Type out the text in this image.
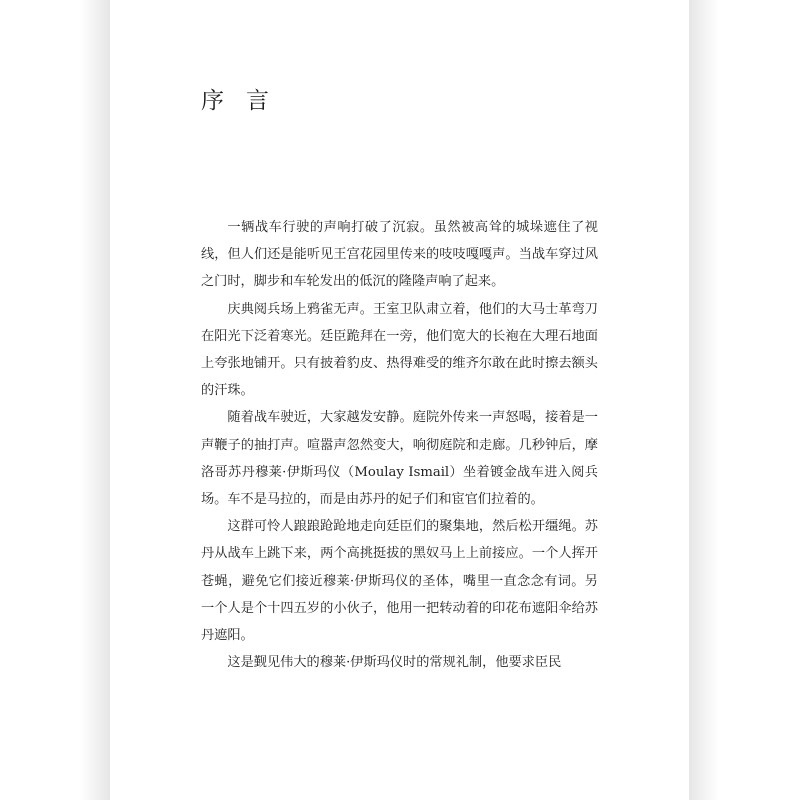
序 言

一辆战车行驶的声响打破了沉寂。虽然被高耸的城垛遮住了视线，但人们还是能听见王宫花园里传来的吱吱嘎嘎声。当战车穿过风之门时，脚步和车轮发出的低沉的隆隆声响了起来。

庆典阅兵场上鸦雀无声。王室卫队肃立着，他们的大马士革弯刀在阳光下泛着寒光。廷臣跪拜在一旁，他们宽大的长袍在大理石地面上夸张地铺开。只有披着豹皮、热得难受的维齐尔敢在此时擦去额头的汗珠。

随着战车驶近，大家越发安静。庭院外传来一声怒喝，接着是一声鞭子的抽打声。喧嚣声忽然变大，响彻庭院和走廊。几秒钟后，摩洛哥苏丹穆莱·伊斯玛仪（Moulay Ismail）坐着镀金战车进入阅兵场。车不是马拉的，而是由苏丹的妃子们和宦官们拉着的。

这群可怜人踉踉跄跄地走向廷臣们的聚集地，然后松开缰绳。苏丹从战车上跳下来，两个高挑挺拔的黑奴马上上前接应。一个人挥开苍蝇，避免它们接近穆莱·伊斯玛仪的圣体，嘴里一直念念有词。另一个人是个十四五岁的小伙子，他用一把转动着的印花布遮阳伞给苏丹遮阳。

这是觐见伟大的穆莱·伊斯玛仪时的常规礼制，他要求臣民
